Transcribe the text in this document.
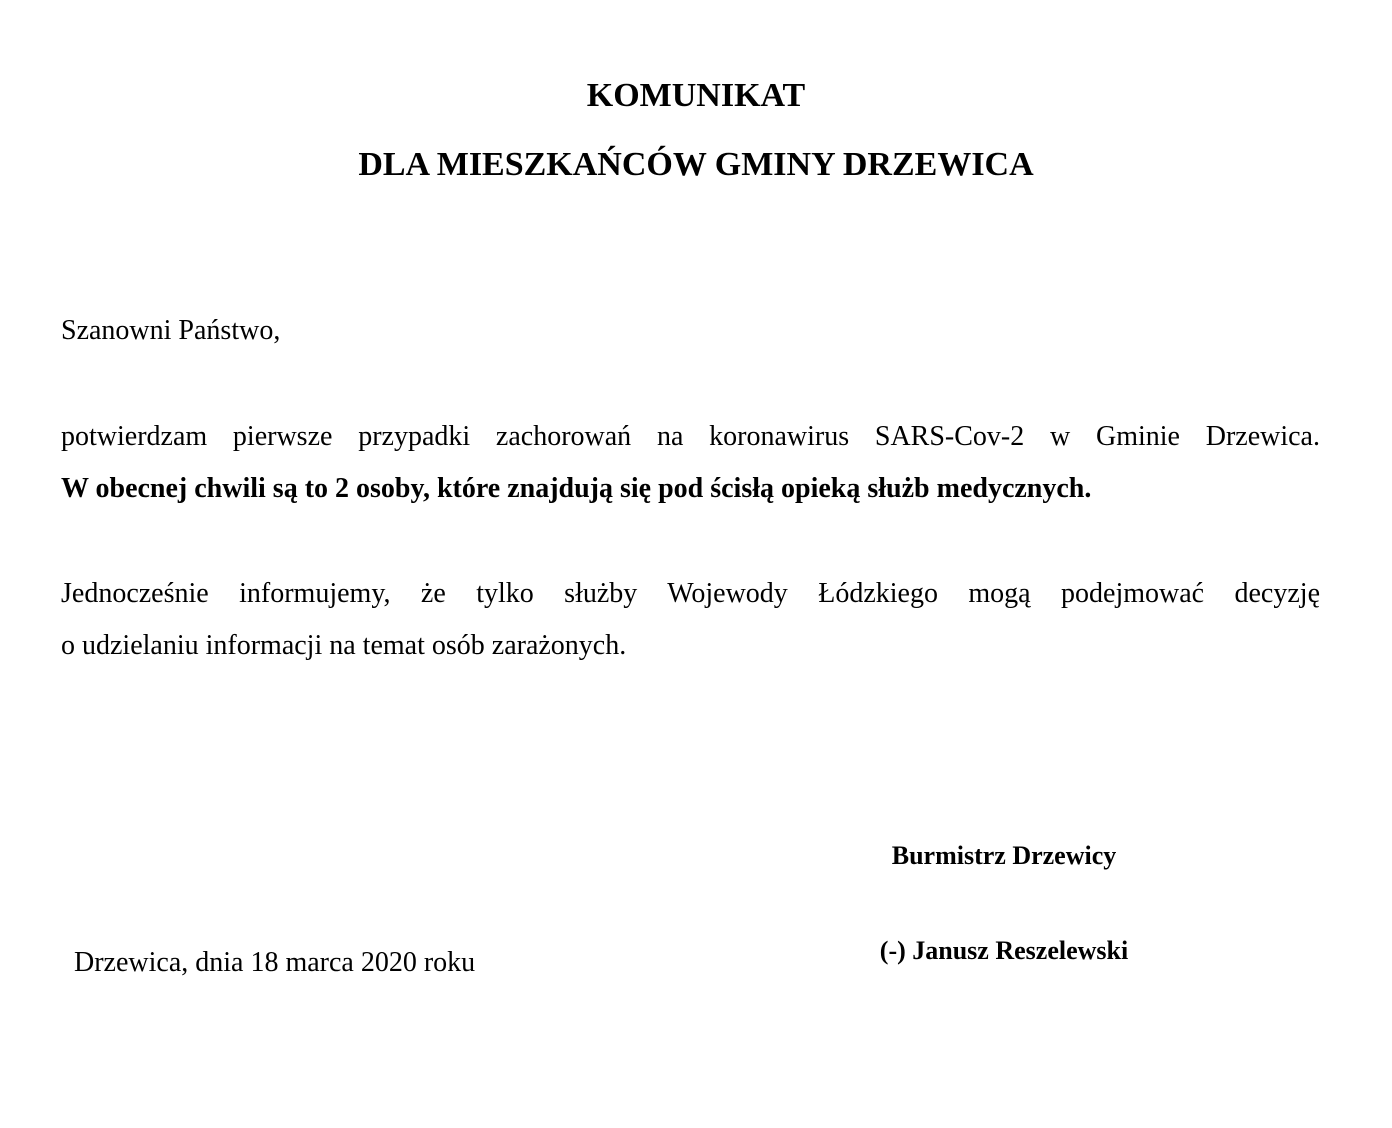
KOMUNIKAT
DLA MIESZKAŃCÓW GMINY DRZEWICA
Szanowni Państwo,
potwierdzam pierwsze przypadki zachorowań na koronawirus SARS-Cov-2 w Gminie Drzewica.
W obecnej chwili są to 2 osoby, które znajdują się pod ścisłą opieką służb medycznych.
Jednocześnie informujemy, że tylko służby Wojewody Łódzkiego mogą podejmować decyzję
o udzielaniu informacji na temat osób zarażonych.
Burmistrz Drzewicy
(-) Janusz Reszelewski
Drzewica, dnia 18 marca 2020 roku
